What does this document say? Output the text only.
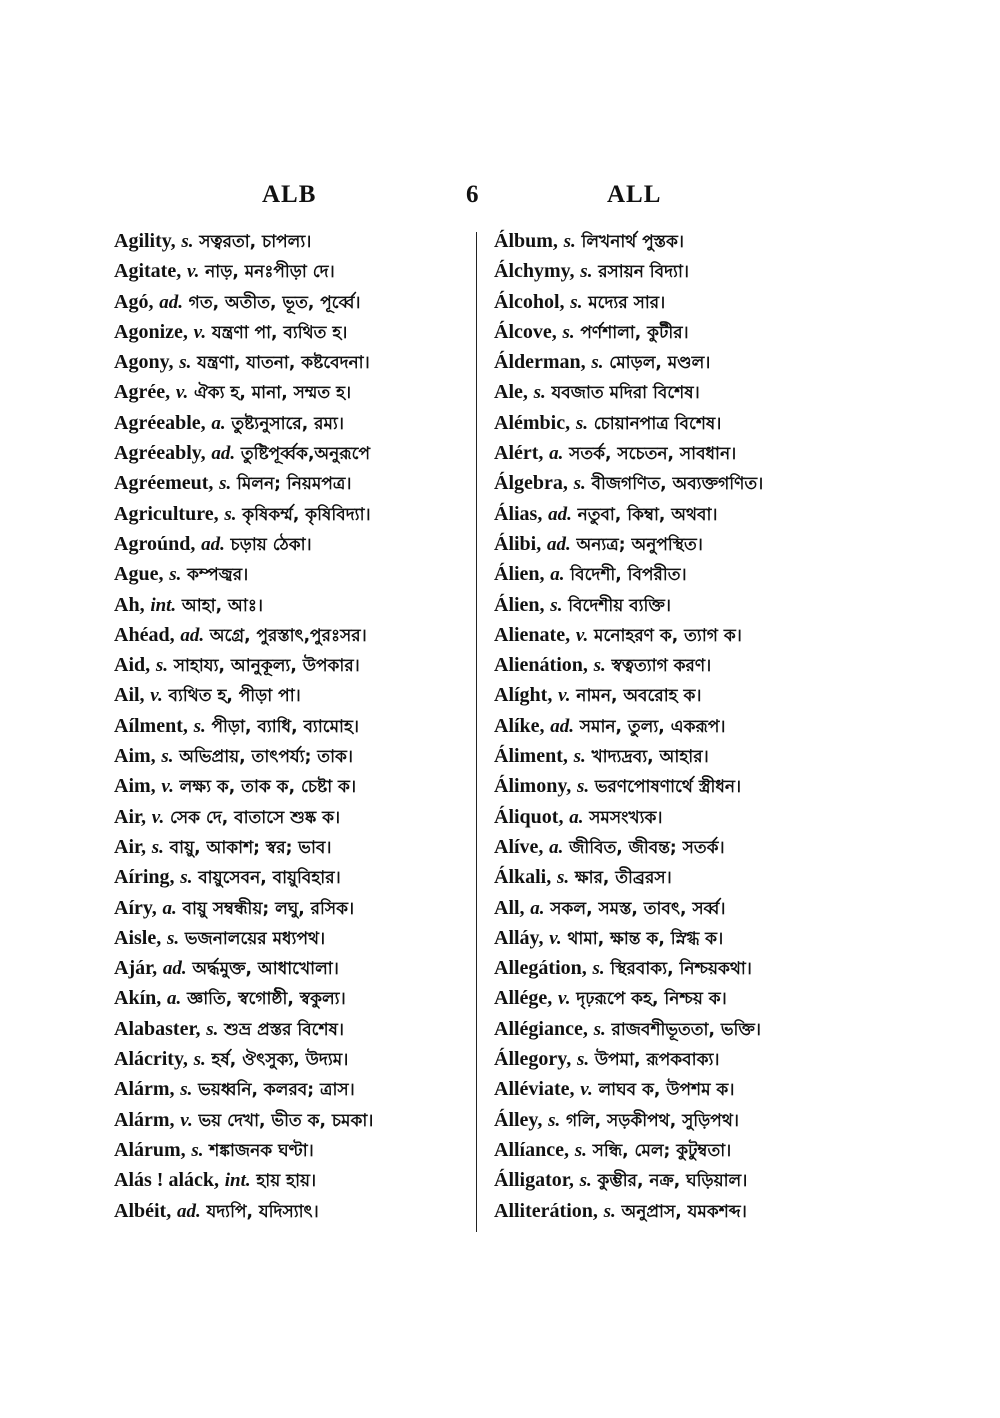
ALB	6	ALL
Agility, s. সত্বরতা, চাপল্য।
Agitate, v. নাড়, মনঃপীড়া দে।
Agó, ad. গত, অতীত, ভূত, পূর্ব্বে।
Agonize, v. যন্ত্রণা পা, ব্যথিত হ।
Agony, s. যন্ত্রণা, যাতনা, কষ্টবেদনা।
Agrée, v. ঐক্য হ, মানা, সম্মত হ।
Agréeable, a. তুষ্ট্যনুসারে, রম্য।
Agréeably, ad. তুষ্টিপূর্ব্বক,অনুরূপে
Agréemeut, s. মিলন; নিয়মপত্র।
Agriculture, s. কৃষিকর্ম্ম, কৃষিবিদ্যা।
Agroúnd, ad. চড়ায় ঠেকা।
Ague, s. কম্পজ্বর।
Ah, int. আহা, আঃ।
Ahéad, ad. অগ্রে, পুরস্তাৎ,পুরঃসর।
Aid, s. সাহায্য, আনুকূল্য, উপকার।
Ail, v. ব্যথিত হ, পীড়া পা।
Aílment, s. পীড়া, ব্যাধি, ব্যামোহ।
Aim, s. অভিপ্রায়, তাৎপর্য্য; তাক।
Aim, v. লক্ষ্য ক, তাক ক, চেষ্টা ক।
Air, v. সেক দে, বাতাসে শুষ্ক ক।
Air, s. বায়ু, আকাশ; স্বর; ভাব।
Aíring, s. বায়ুসেবন, বায়ুবিহার।
Aíry, a. বায়ু সম্বন্ধীয়; লঘু, রসিক।
Aisle, s. ভজনালয়ের মধ্যপথ।
Ajár, ad. অৰ্দ্ধমুক্ত, আধাখোলা।
Akín, a. জ্ঞাতি, স্বগোষ্ঠী, স্বকুল্য।
Alabaster, s. শুভ্র প্রস্তর বিশেষ।
Alácrity, s. হর্ষ, ঔৎসুক্য, উদ্যম।
Alárm, s. ভয়ধ্বনি, কলরব; ত্রাস।
Alárm, v. ভয় দেখা, ভীত ক, চমকা।
Alárum, s. শঙ্কাজনক ঘণ্টা।
Alás ! aláck, int. হায় হায়।
Albéit, ad. যদ্যপি, যদিস্যাৎ।
Álbum, s. লিখনার্থ পুস্তক।
Álchymy, s. রসায়ন বিদ্যা।
Álcohol, s. মদ্যের সার।
Álcove, s. পর্ণশালা, কুটীর।
Álderman, s. মোড়ল, মণ্ডল।
Ale, s. যবজাত মদিরা বিশেষ।
Alémbic, s. চোয়ানপাত্র বিশেষ।
Alért, a. সতর্ক, সচেতন, সাবধান।
Álgebra, s. বীজগণিত, অব্যক্তগণিত।
Álias, ad. নতুবা, কিম্বা, অথবা।
Álibi, ad. অন্যত্র; অনুপস্থিত।
Álien, a. বিদেশী, বিপরীত।
Álien, s. বিদেশীয় ব্যক্তি।
Alienate, v. মনোহরণ ক, ত্যাগ ক।
Alienátion, s. স্বত্বত্যাগ করণ।
Alíght, v. নামন, অবরোহ ক।
Alíke, ad. সমান, তুল্য, একরূপ।
Áliment, s. খাদ্যদ্রব্য, আহার।
Álimony, s. ভরণপোষণার্থে স্ত্রীধন।
Áliquot, a. সমসংখ্যক।
Alíve, a. জীবিত, জীবন্ত; সতর্ক।
Álkali, s. ক্ষার, তীব্ররস।
All, a. সকল, সমস্ত, তাবৎ, সৰ্ব্ব।
Alláy, v. থামা, ক্ষান্ত ক, স্নিগ্ধ ক।
Allegátion, s. স্থিরবাক্য, নিশ্চয়কথা।
Allége, v. দৃঢ়রূপে কহ, নিশ্চয় ক।
Allégiance, s. রাজবশীভূততা, ভক্তি।
Állegory, s. উপমা, রূপকবাক্য।
Alléviate, v. লাঘব ক, উপশম ক।
Álley, s. গলি, সড়কীপথ, সুড়িপথ।
Allíance, s. সন্ধি, মেল; কুটুম্বতা।
Álligator, s. কুম্ভীর, নক্র, ঘড়িয়াল।
Alliterátion, s. অনুপ্রাস, যমকশব্দ।
